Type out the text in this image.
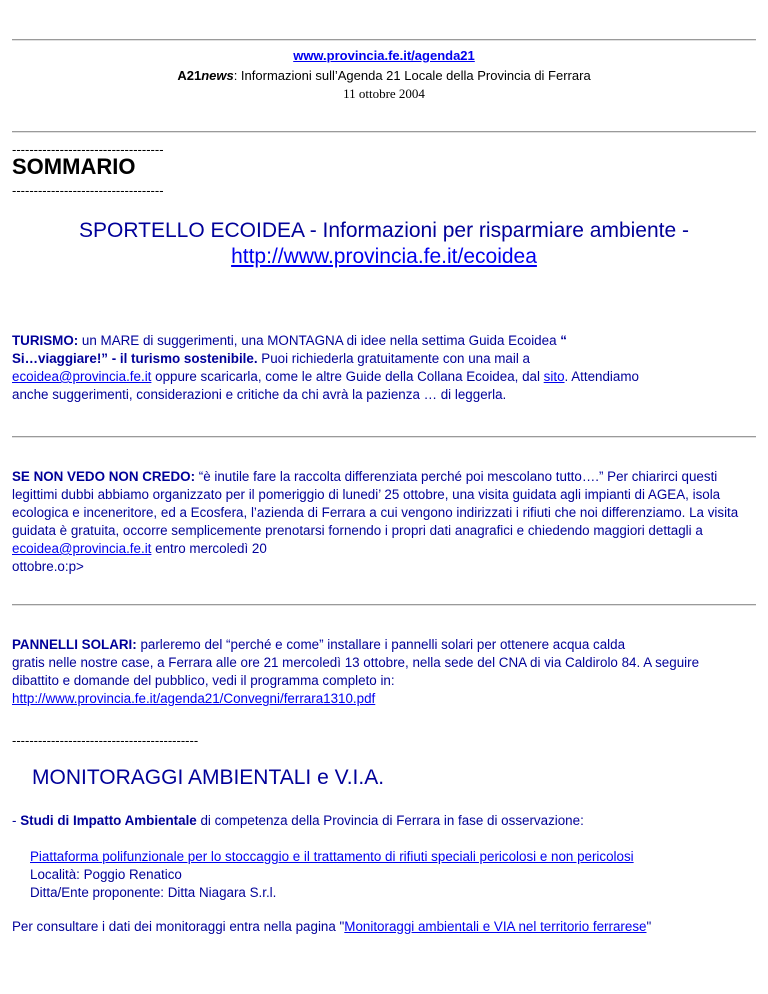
www.provincia.fe.it/agenda21
A21news: Informazioni sull’Agenda 21 Locale della Provincia di Ferrara
11 ottobre 2004
-----------------------------------
SOMMARIO
-----------------------------------
SPORTELLO ECOIDEA - Informazioni per risparmiare ambiente -
http://www.provincia.fe.it/ecoidea
TURISMO: un MARE di suggerimenti, una MONTAGNA di idee nella settima Guida Ecoidea “
Si…viaggiare!” - il turismo sostenibile. Puoi richiederla gratuitamente con una mail a
ecoidea@provincia.fe.it oppure scaricarla, come le altre Guide della Collana Ecoidea, dal sito. Attendiamo
anche suggerimenti, considerazioni e critiche da chi avrà la pazienza … di leggerla.
SE NON VEDO NON CREDO: “è inutile fare la raccolta differenziata perché poi mescolano tutto….” Per chiarirci questi legittimi dubbi abbiamo organizzato per il pomeriggio di lunedi’ 25 ottobre, una visita guidata agli impianti di AGEA, isola ecologica e inceneritore, ed a Ecosfera, l’azienda di Ferrara a cui vengono indirizzati i rifiuti che noi differenziamo. La visita guidata è gratuita, occorre semplicemente prenotarsi fornendo i propri dati anagrafici e chiedendo maggiori dettagli a ecoidea@provincia.fe.it entro mercoledì 20
ottobre.o:p>
PANNELLI SOLARI: parleremo del “perché e come” installare i pannelli solari per ottenere acqua calda
gratis nelle nostre case, a Ferrara alle ore 21 mercoledì 13 ottobre, nella sede del CNA di via Caldirolo 84. A seguire dibattito e domande del pubblico, vedi il programma completo in:
http://www.provincia.fe.it/agenda21/Convegni/ferrara1310.pdf
-------------------------------------------
MONITORAGGI AMBIENTALI e V.I.A.
- Studi di Impatto Ambientale di competenza della Provincia di Ferrara in fase di osservazione:
Piattaforma polifunzionale per lo stoccaggio e il trattamento di rifiuti speciali pericolosi e non pericolosi
Località: Poggio Renatico
Ditta/Ente proponente: Ditta Niagara S.r.l.
Per consultare i dati dei monitoraggi entra nella pagina "Monitoraggi ambientali e VIA nel territorio ferrarese"
